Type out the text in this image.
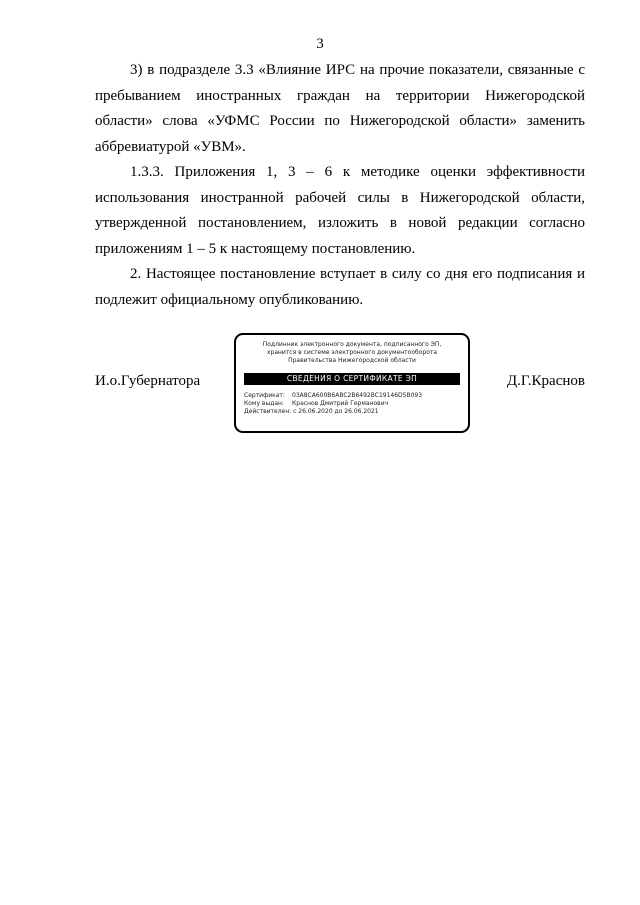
3

3) в подразделе 3.3 «Влияние ИРС на прочие показатели, связанные с пребыванием иностранных граждан на территории Нижегородской области» слова «УФМС России по Нижегородской области» заменить аббревиатурой «УВМ».

1.3.3. Приложения 1, 3 – 6 к методике оценки эффективности использования иностранной рабочей силы в Нижегородской области, утвержденной постановлением, изложить в новой редакции согласно приложениям 1 – 5 к настоящему постановлению.

2. Настоящее постановление вступает в силу со дня его подписания и подлежит официальному опубликованию.

И.о.Губернатора
Подлинник электронного документа, подписанного ЭП,
хранится в системе электронного документооборота
Правительства Нижегородской области
СВЕДЕНИЯ О СЕРТИФИКАТЕ ЭП
Сертификат: 03A8CA600B6ABC2B6492BC19146D5B093
Кому выдан: Краснов Дмитрий Германович
Действителен: с 26.06.2020 до 26.06.2021
Д.Г.Краснов
